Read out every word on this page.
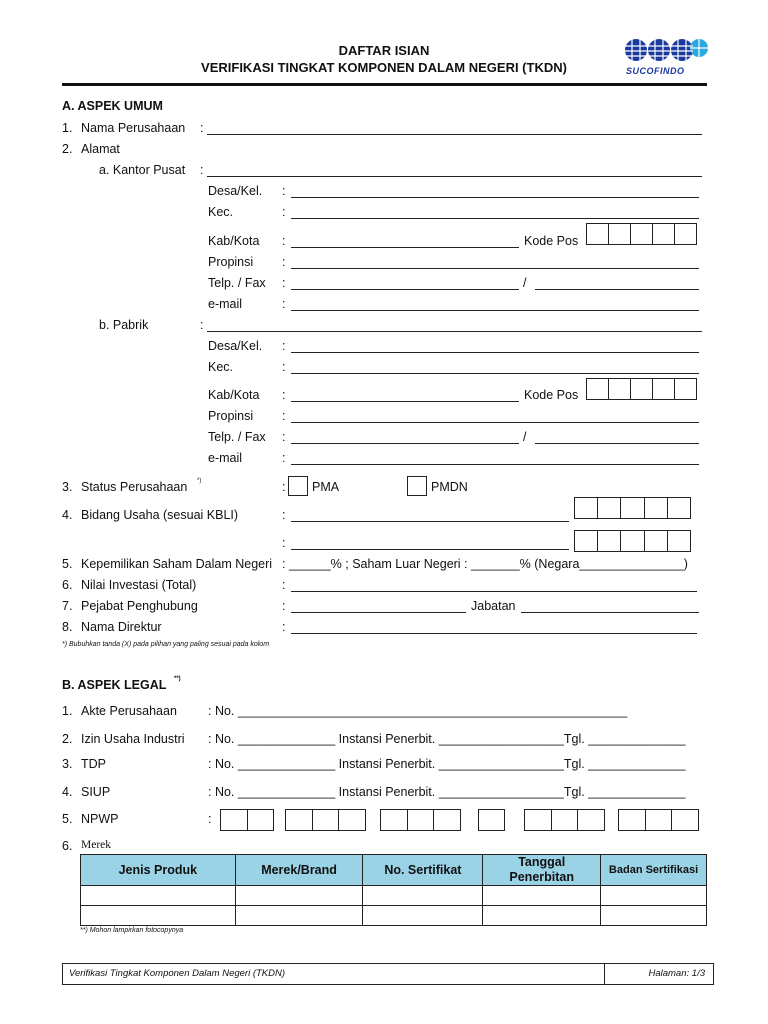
DAFTAR ISIAN
VERIFIKASI TINGKAT KOMPONEN DALAM NEGERI (TKDN)	SUCOFINDO
A. ASPEK UMUM
1. Nama Perusahaan :
2. Alamat
a. Kantor Pusat :
Desa/Kel. :
Kec.	:
Kab/Kota :	Kode Pos
Propinsi :
Telp. / Fax :	/
e-mail	:
b. Pabrik	:
Desa/Kel. :
Kec.	:
Kab/Kota :	Kode Pos
Propinsi :
Telp. / Fax :	/
e-mail	:
3. Status Perusahaan *)	: PMA	PMDN
4. Bidang Usaha (sesuai KBLI)	:
:
5. Kepemilikan Saham Dalam Negeri : ______% ; Saham Luar Negeri : _______% (Negara_______________)
6. Nilai Investasi (Total)	:
7. Pejabat Penghubung	:	Jabatan
8. Nama Direktur	:
*) Bubuhkan tanda (X) pada pilihan yang paling sesuai pada kolom
B. ASPEK LEGAL **)
1. Akte Perusahaan : No. ________________________________________________________
2. Izin Usaha Industri : No. ______________ Instansi Penerbit. __________________Tgl. ______________
3. TDP	: No. ______________ Instansi Penerbit. __________________Tgl. ______________
4. SIUP	: No. ______________ Instansi Penerbit. __________________Tgl. ______________
5. NPWP	:
6. Merek
Jenis Produk	Merek/Brand	No. Sertifikat	Tanggal Penerbitan	Badan Sertifikasi

**) Mohon lampirkan fotocopynya
Verifikasi Tingkat Komponen Dalam Negeri (TKDN)	Halaman: 1/3
